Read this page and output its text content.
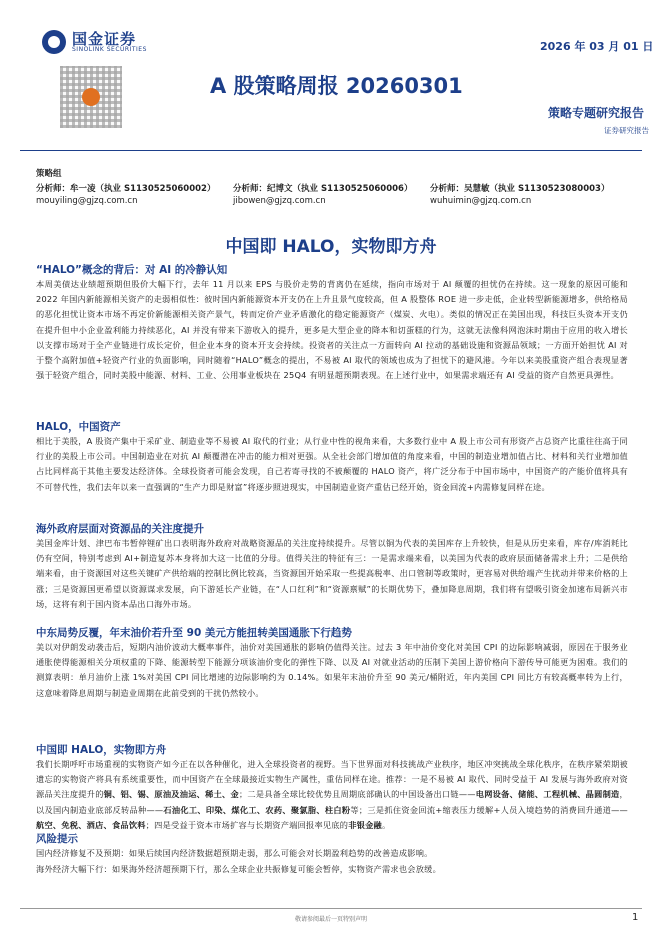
国金证券
SINOLINK SECURITIES	2026 年 03 月 01 日
A 股策略周报 20260301
策略专题研究报告
证券研究报告
策略组
分析师：牟一凌（执业 S1130525060002） 分析师：纪博文（执业 S1130525060006） 分析师：吴慧敏（执业 S1130523080003）
mouyiling@gjzq.com.cn	jibowen@gjzq.com.cn	wuhuimin@gjzq.com.cn
中国即 HALO，实物即方舟
“HALO”概念的背后：对 AI 的冷静认知
本周美债达业绩超预期但股价大幅下行，去年 11 月以来 EPS 与股价走势的背离仍在延续，指向市场对于 AI 颠覆的担忧仍在持续。这一现象的原因可能和 2022 年国内新能源相关资产的走弱相似性：彼时国内新能源资本开支仍在上升且景气度较高，但 A 股整体 ROE 进一步走低，企业转型新能源增多，供给格局的恶化担忧让资本市场不再定价新能源相关资产景气，转而定价产业矛盾激化的稳定能源资产（煤炭、火电）。类似的情况正在美国出现，科技巨头资本开支仍在提升但中小企业盈利能力持续恶化，AI 并没有带来下游收入的提升，更多是大型企业的降本和切蛋糕的行为，这就无法像科网泡沫时期由于应用的收入增长以支撑市场对于全产业链进行成长定价，但企业本身的资本开支会持续。投资者的关注点一方面转向 AI 拉动的基础设施和资源品领域；一方面开始担忧 AI 对于整个高附加值+轻资产行业的负面影响，同时随着“HALO”概念的提出，不易被 AI 取代的领域也成为了担忧下的避风港。今年以来美股重资产组合表现显著强于轻资产组合，同时美股中能源、材料、工业、公用事业板块在 25Q4 有明显超预期表现。在上述行业中，如果需求端还有 AI 受益的资产自然更具弹性。
HALO，中国资产
相比于美股，A 股资产集中于采矿业、制造业等不易被 AI 取代的行业；从行业中性的视角来看，大多数行业中 A 股上市公司有形资产占总资产比重往往高于同行业的美股上市公司。中国制造业在对抗 AI 颠覆潜在冲击的能力相对更强。从全社会部门增加值的角度来看，中国的制造业增加值占比、材料和关行业增加值占比同样高于其他主要发达经济体。全球投资者可能会发现，自己若寄寻找的不被颠覆的 HALO 资产，将广泛分布于中国市场中，中国资产的产能价值将具有不可替代性，我们去年以来一直强调的“生产力即是财富”将逐步照进现实，中国制造业资产重估已经开始，资金回流+内需修复同样在途。
海外政府层面对资源品的关注度提升
美国金库计划、津巴布韦暂停锂矿出口表明海外政府对战略资源品的关注度持续提升。尽管以铜为代表的美国库存上升较快，但是从历史来看，库存/库消耗比仍有空间，特别考虑到 AI+制造复苏本身将加大这一比值的分母。值得关注的特征有三：一是需求端来看，以美国为代表的政府层面储备需求上升；二是供给端来看，由于资源国对这些关键矿产供给端的控制比例比较高，当资源国开始采取一些提高税率、出口管制等政策时，更容易对供给端产生扰动并带来价格的上涨；三是资源国更希望以资源谋求发展，向下游延长产业链，在“人口红利”和“资源禀赋”的长期优势下，叠加降息周期，我们将有望吸引资金加速布局新兴市场，这将有利于国内资本品出口海外市场。
中东局势反覆，年末油价若升至 90 美元方能扭转美国通胀下行趋势
美以对伊朗发动袭击后，短期内油价波动大概率事件，油价对美国通胀的影响仍值得关注。过去 3 年中油价变化对美国 CPI 的边际影响减弱，原因在于服务业通胀使得能源相关分项权重的下降、能源转型下能源分项该油价变化的弹性下降、以及 AI 对就业活动的压制下美国上游价格向下游传导可能更为困难。我们的测算表明：单月油价上涨 1%对美国 CPI 同比增速的边际影响约为 0.14%。如果年末油价升至 90 美元/桶附近，年内美国 CPI 同比方有较高概率转为上行，这意味着降息周期与制造业周期在此前受到的干扰仍然较小。
中国即 HALO，实物即方舟
我们长期呼吁市场重视的实物资产如今正在以各种催化，进入全球投资者的视野。当下世界面对科技挑战产业秩序，地区冲突挑战全球化秩序，在秩序紧荣期被遗忘的实物资产将具有系统重要性，而中国资产在全球最接近实物生产属性，重估同样在途。推荐：一是不易被 AI 取代、同时受益于 AI 发展与海外政府对资源品关注度提升的铜、铝、锡、原油及油运、稀土、金；二是具备全球比较优势且周期底部确认的中国设备出口链——电网设备、储能、工程机械、晶圆制造，以及国内制造业底部反转品种——石油化工、印染、煤化工、农药、聚氯脂、柱白粉等；三是抓住资金回流+缩表压力缓解+人员入境趋势的消费回升通道——航空、免税、酒店、食品饮料；四是受益于资本市场扩容与长期资产端回报率见底的非银金融。
风险提示
国内经济修复不及预期：如果后续国内经济数据超预期走弱，那么可能会对长期盈利趋势的改善造成影响。
海外经济大幅下行：如果海外经济超预期下行，那么全球企业共振修复可能会暂停，实物资产需求也会放缓。
敬请参阅最后一页特别声明	1
